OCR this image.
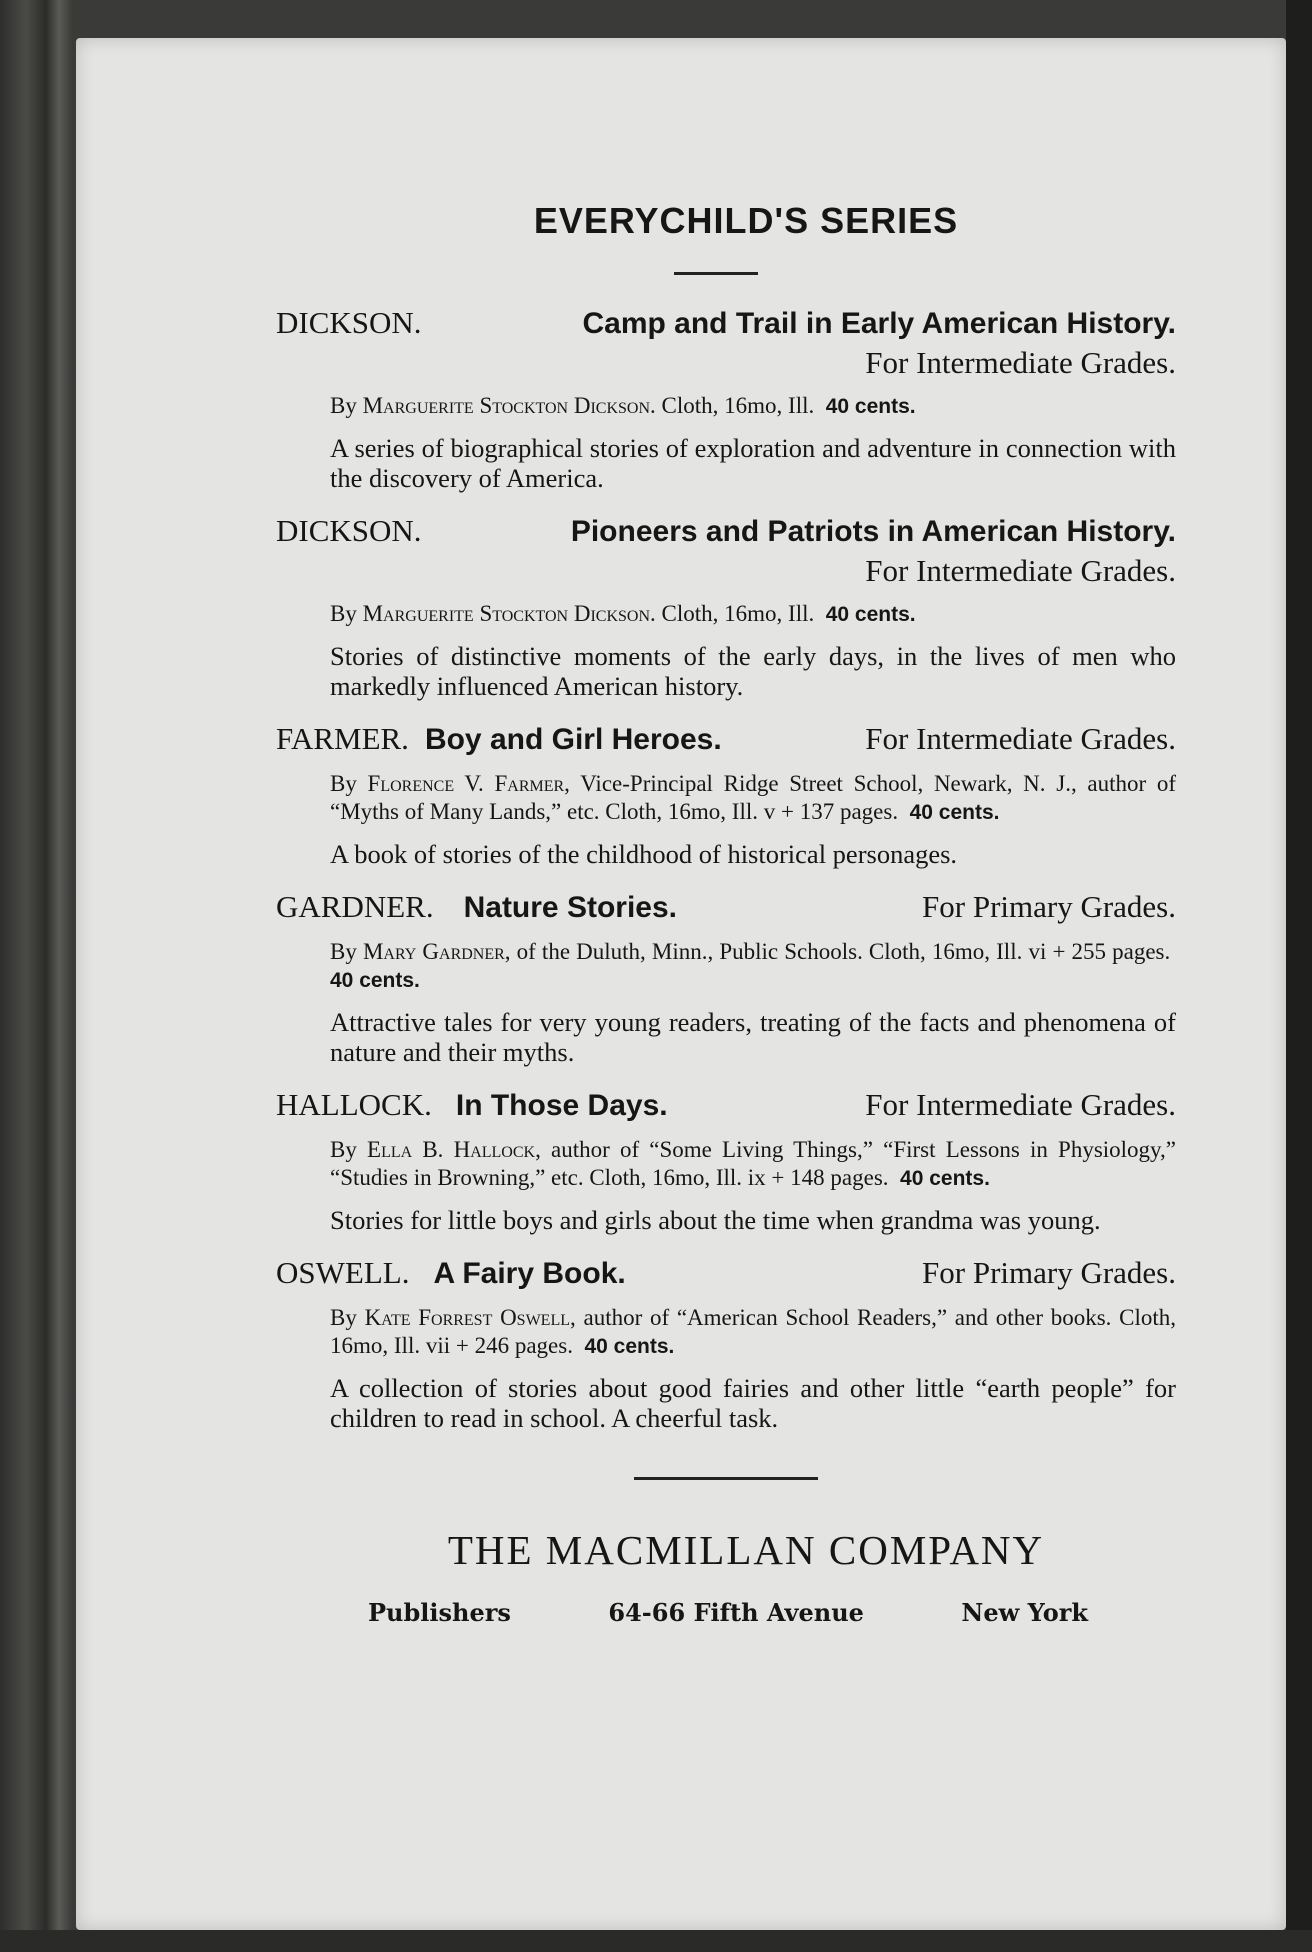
EVERYCHILD'S SERIES
DICKSON.	Camp and Trail in Early American History.
For Intermediate Grades.
By Marguerite Stockton Dickson. Cloth, 16mo, Ill. 40 cents.
A series of biographical stories of exploration and adventure in connection with the discovery of America.
DICKSON.	Pioneers and Patriots in American History.
For Intermediate Grades.
By Marguerite Stockton Dickson. Cloth, 16mo, Ill. 40 cents.
Stories of distinctive moments of the early days, in the lives of men who markedly influenced American history.
FARMER. Boy and Girl Heroes.	For Intermediate Grades.
By Florence V. Farmer, Vice-Principal Ridge Street School, Newark, N. J., author of “Myths of Many Lands,” etc. Cloth, 16mo, Ill. v + 137 pages. 40 cents.
A book of stories of the childhood of historical personages.
GARDNER. Nature Stories.	For Primary Grades.
By Mary Gardner, of the Duluth, Minn., Public Schools. Cloth, 16mo, Ill. vi + 255 pages.  40 cents.
Attractive tales for very young readers, treating of the facts and phenomena of nature and their myths.
HALLOCK. In Those Days.	For Intermediate Grades.
By Ella B. Hallock, author of “Some Living Things,” “First Lessons in Physiology,” “Studies in Browning,” etc. Cloth, 16mo, Ill. ix + 148 pages. 40 cents.
Stories for little boys and girls about the time when grandma was young.
OSWELL. A Fairy Book.	For Primary Grades.
By Kate Forrest Oswell, author of “American School Readers,” and other books. Cloth, 16mo, Ill. vii + 246 pages. 40 cents.
A collection of stories about good fairies and other little “earth people” for children to read in school. A cheerful task.
THE MACMILLAN COMPANY
Publishers	64-66 Fifth Avenue	New York
